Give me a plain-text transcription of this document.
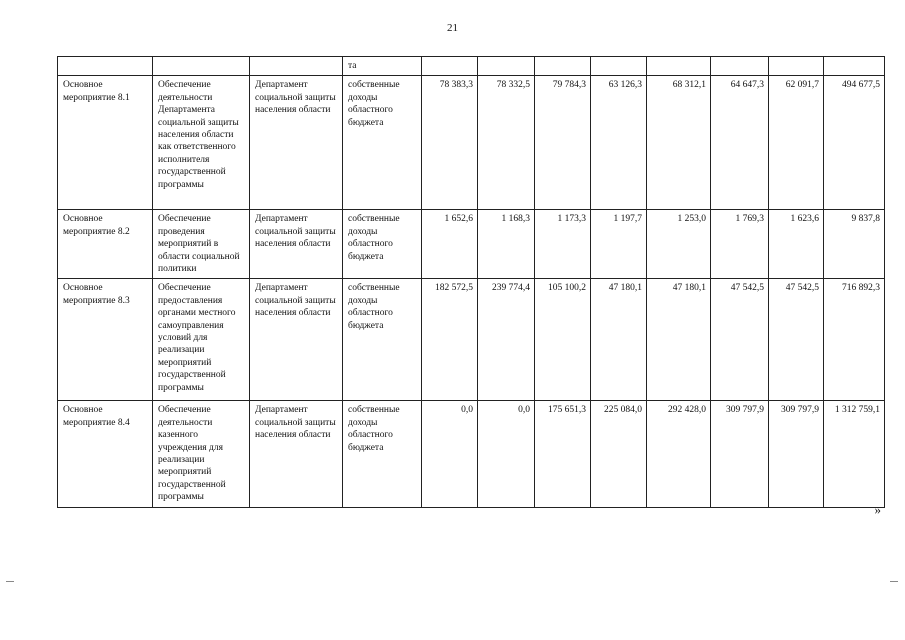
21
			та								
Основное мероприятие 8.1	Обеспечение деятельности Департамента социальной защиты населения области как ответственного исполнителя государственной программы	Департамент социальной защиты населения области	собственные доходы областного бюджета	78 383,3	78 332,5	79 784,3	63 126,3	68 312,1	64 647,3	62 091,7	494 677,5
Основное мероприятие 8.2	Обеспечение проведения мероприятий в области социальной политики	Департамент социальной защиты населения области	собственные доходы областного бюджета	1 652,6	1 168,3	1 173,3	1 197,7	1 253,0	1 769,3	1 623,6	9 837,8
Основное мероприятие 8.3	Обеспечение предоставления органами местного самоуправления условий для реализации мероприятий государственной программы	Департамент социальной защиты населения области	собственные доходы областного бюджета	182 572,5	239 774,4	105 100,2	47 180,1	47 180,1	47 542,5	47 542,5	716 892,3
Основное мероприятие 8.4	Обеспечение деятельности казенного учреждения для реализации мероприятий государственной программы	Департамент социальной защиты населения области	собственные доходы областного бюджета	0,0	0,0	175 651,3	225 084,0	292 428,0	309 797,9	309 797,9	1 312 759,1
»
